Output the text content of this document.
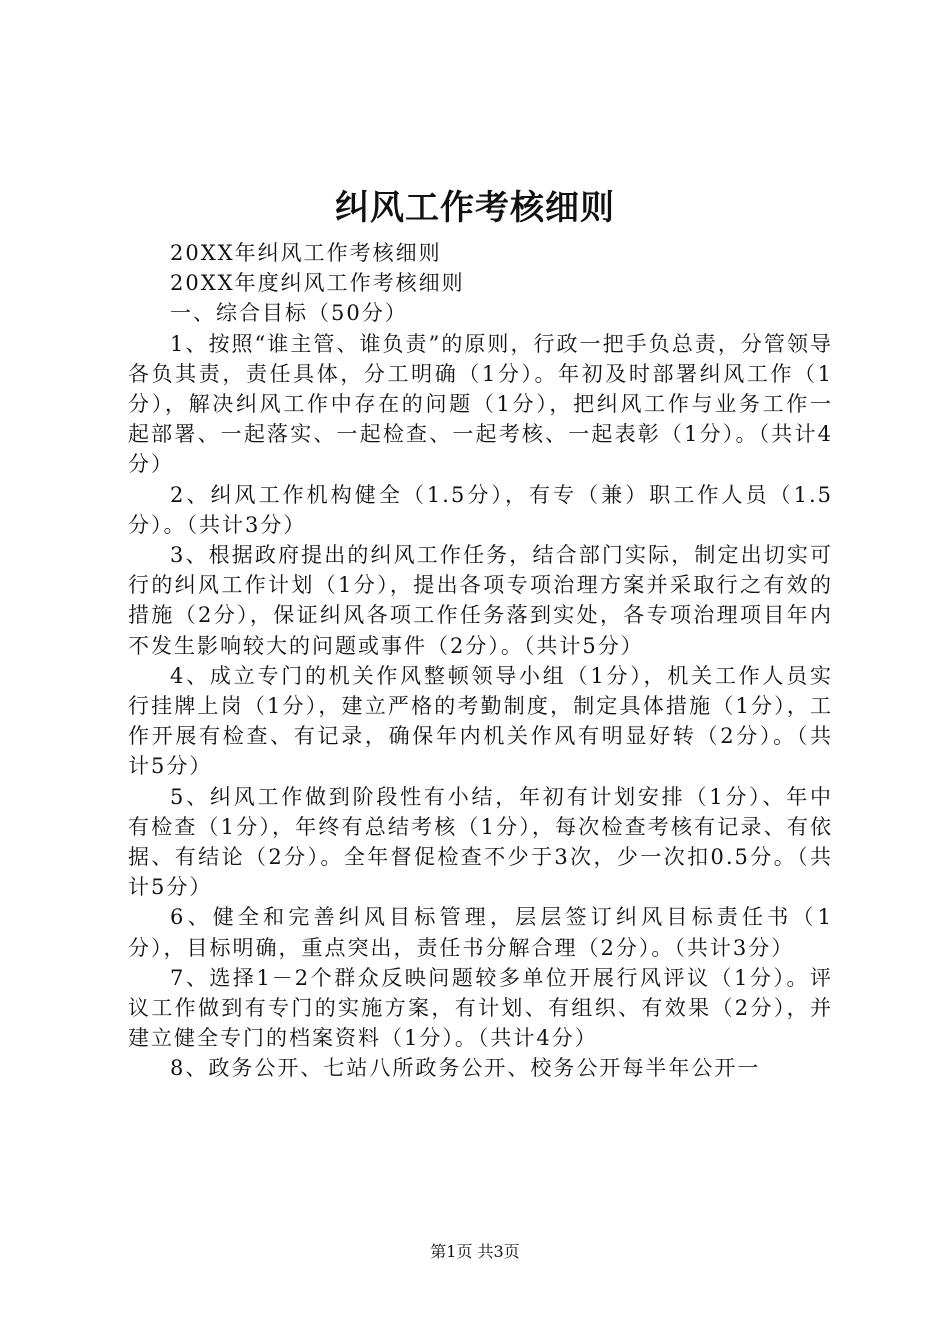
纠风工作考核细则

20XX年纠风工作考核细则

20XX年度纠风工作考核细则

一、综合目标（50分）

1、按照“谁主管、谁负责”的原则，行政一把手负总责，分管领导各负其责，责任具体，分工明确（1分）。年初及时部署纠风工作（1分），解决纠风工作中存在的问题（1分），把纠风工作与业务工作一起部署、一起落实、一起检查、一起考核、一起表彰（1分）。（共计4分）

2、纠风工作机构健全（1.5分），有专（兼）职工作人员（1.5分）。（共计3分）

3、根据政府提出的纠风工作任务，结合部门实际，制定出切实可行的纠风工作计划（1分），提出各项专项治理方案并采取行之有效的措施（2分），保证纠风各项工作任务落到实处，各专项治理项目年内不发生影响较大的问题或事件（2分）。（共计5分）

4、成立专门的机关作风整顿领导小组（1分），机关工作人员实行挂牌上岗（1分），建立严格的考勤制度，制定具体措施（1分），工作开展有检查、有记录，确保年内机关作风有明显好转（2分）。（共计5分）

5、纠风工作做到阶段性有小结，年初有计划安排（1分）、年中有检查（1分），年终有总结考核（1分），每次检查考核有记录、有依据、有结论（2分）。全年督促检查不少于3次，少一次扣0.5分。（共计5分）

6、健全和完善纠风目标管理，层层签订纠风目标责任书（1分），目标明确，重点突出，责任书分解合理（2分）。（共计3分）

7、选择1－2个群众反映问题较多单位开展行风评议（1分）。评议工作做到有专门的实施方案，有计划、有组织、有效果（2分），并建立健全专门的档案资料（1分）。（共计4分）

8、政务公开、七站八所政务公开、校务公开每半年公开一

第1页 共3页
